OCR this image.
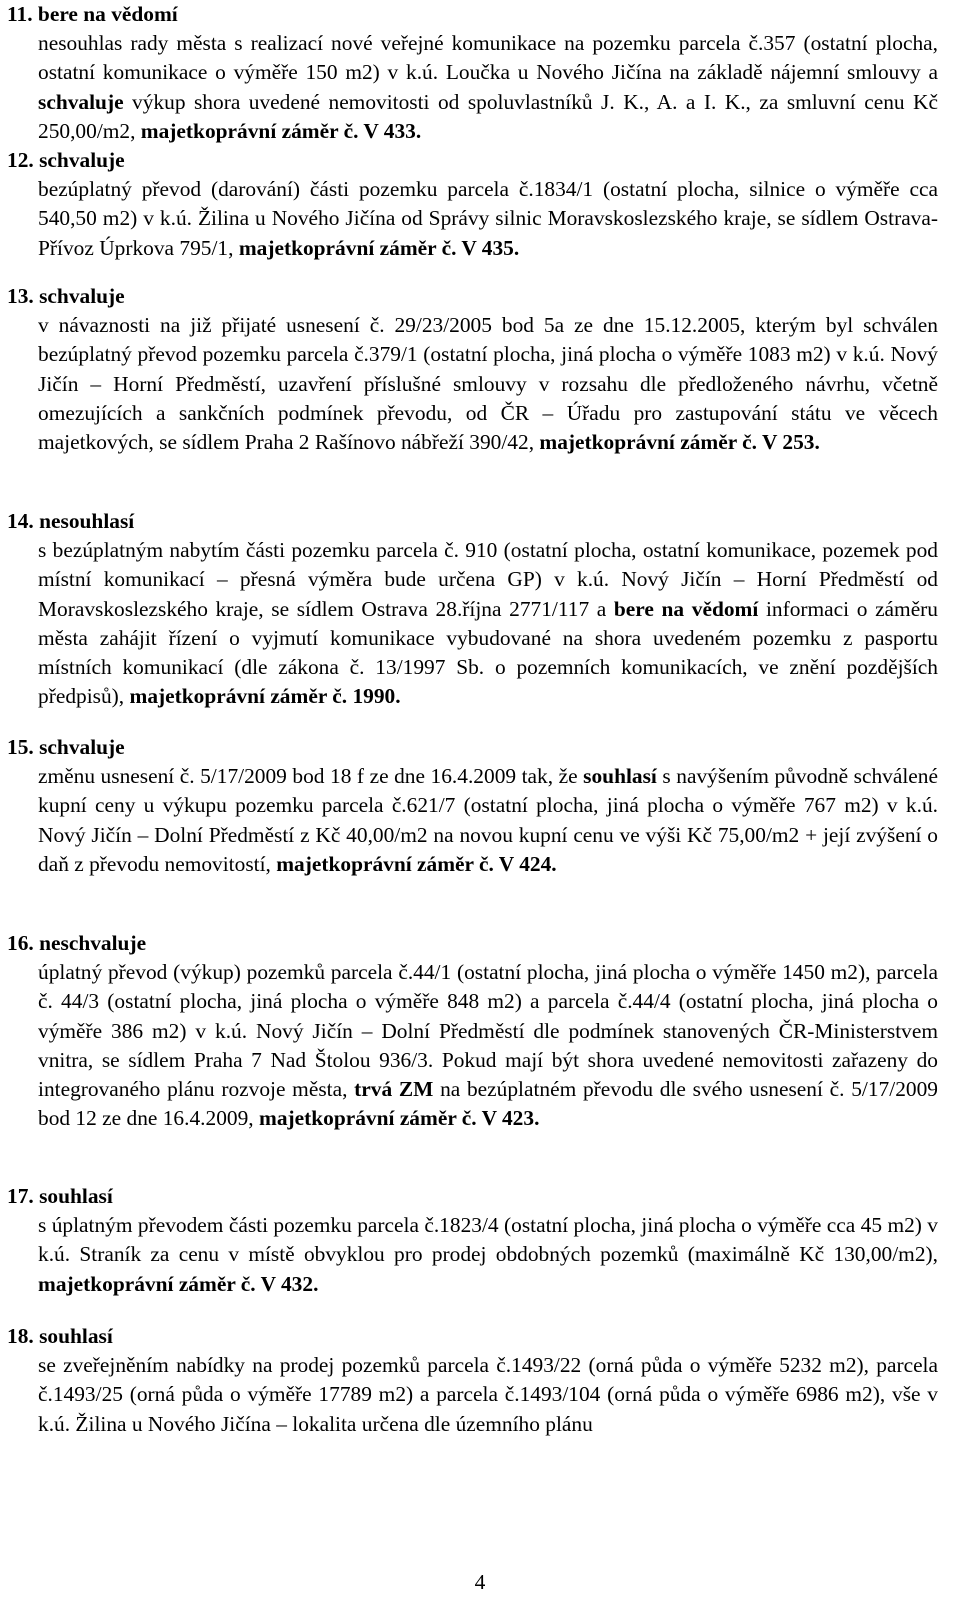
11. bere na vědomí
nesouhlas rady města s realizací nové veřejné komunikace na pozemku parcela č.357 (ostatní plocha, ostatní komunikace o výměře 150 m2) v k.ú. Loučka u Nového Jičína na základě nájemní smlouvy a schvaluje výkup shora uvedené nemovitosti od spoluvlastníků J. K., A. a I. K., za smluvní cenu Kč 250,00/m2, majetkoprávní záměr č. V 433.
12. schvaluje
bezúplatný převod (darování) části pozemku parcela č.1834/1 (ostatní plocha, silnice o výměře cca 540,50 m2) v k.ú. Žilina u Nového Jičína od Správy silnic Moravskoslezského kraje, se sídlem Ostrava-Přívoz Úprkova 795/1, majetkoprávní záměr č. V 435.
13. schvaluje
v návaznosti na již přijaté usnesení č. 29/23/2005 bod 5a ze dne 15.12.2005, kterým byl schválen bezúplatný převod pozemku parcela č.379/1 (ostatní plocha, jiná plocha o výměře 1083 m2) v k.ú. Nový Jičín – Horní Předměstí, uzavření příslušné smlouvy v rozsahu dle předloženého návrhu, včetně omezujících a sankčních podmínek převodu, od ČR – Úřadu pro zastupování státu ve věcech majetkových, se sídlem Praha 2 Rašínovo nábřeží 390/42, majetkoprávní záměr č. V 253.
14. nesouhlasí
s bezúplatným nabytím části pozemku parcela č. 910 (ostatní plocha, ostatní komunikace, pozemek pod místní komunikací – přesná výměra bude určena GP) v k.ú. Nový Jičín – Horní Předměstí od Moravskoslezského kraje, se sídlem Ostrava 28.října 2771/117 a bere na vědomí informaci o záměru města zahájit řízení o vyjmutí komunikace vybudované na shora uvedeném pozemku z pasportu místních komunikací (dle zákona č. 13/1997 Sb. o pozemních komunikacích, ve znění pozdějších předpisů), majetkoprávní záměr č. 1990.
15. schvaluje
změnu usnesení č. 5/17/2009 bod 18 f ze dne 16.4.2009 tak, že souhlasí s navýšením původně schválené kupní ceny u výkupu pozemku parcela č.621/7 (ostatní plocha, jiná plocha o výměře 767 m2) v k.ú. Nový Jičín – Dolní Předměstí z Kč 40,00/m2 na novou kupní cenu ve výši Kč 75,00/m2 + její zvýšení o daň z převodu nemovitostí, majetkoprávní záměr č. V 424.
16. neschvaluje
úplatný převod (výkup) pozemků parcela č.44/1 (ostatní plocha, jiná plocha o výměře 1450 m2), parcela č. 44/3 (ostatní plocha, jiná plocha o výměře 848 m2) a parcela č.44/4 (ostatní plocha, jiná plocha o výměře 386 m2) v k.ú. Nový Jičín – Dolní Předměstí dle podmínek stanovených ČR-Ministerstvem vnitra, se sídlem Praha 7 Nad Štolou 936/3. Pokud mají být shora uvedené nemovitosti zařazeny do integrovaného plánu rozvoje města, trvá ZM na bezúplatném převodu dle svého usnesení č. 5/17/2009 bod 12 ze dne 16.4.2009, majetkoprávní záměr č. V 423.
17. souhlasí
s úplatným převodem části pozemku parcela č.1823/4 (ostatní plocha, jiná plocha o výměře cca 45 m2) v k.ú. Straník za cenu v místě obvyklou pro prodej obdobných pozemků (maximálně Kč 130,00/m2), majetkoprávní záměr č. V 432.
18. souhlasí
se zveřejněním nabídky na prodej pozemků parcela č.1493/22 (orná půda o výměře 5232 m2), parcela č.1493/25 (orná půda o výměře 17789 m2) a parcela č.1493/104 (orná půda o výměře 6986 m2), vše v k.ú. Žilina u Nového Jičína – lokalita určena dle územního plánu
4
